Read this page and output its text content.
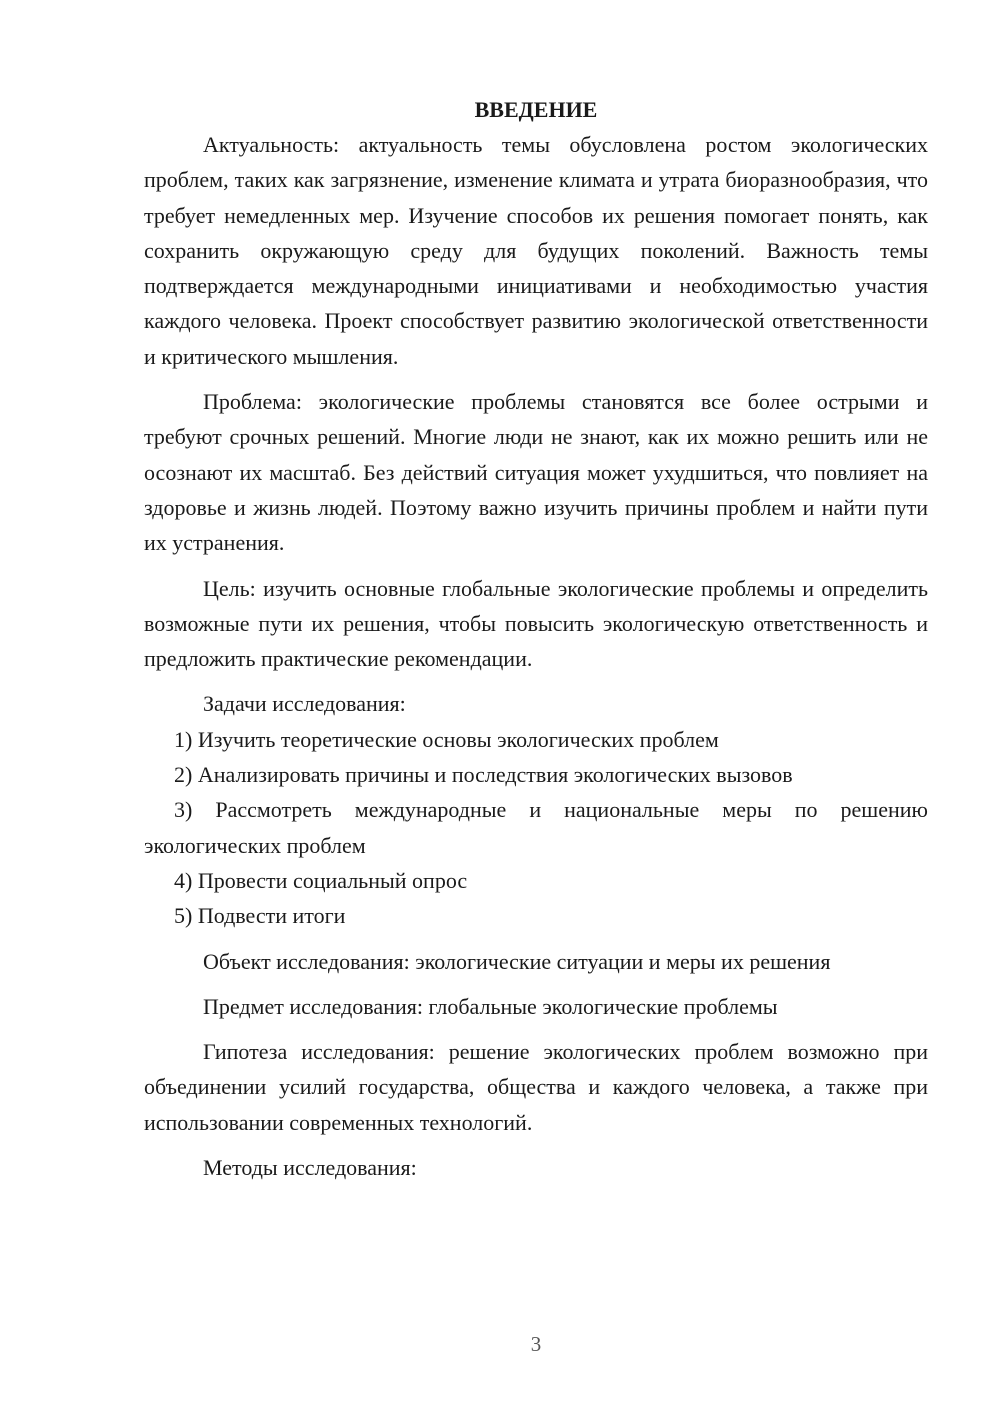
ВВЕДЕНИЕ

Актуальность: актуальность темы обусловлена ростом экологических проблем, таких как загрязнение, изменение климата и утрата биоразнообразия, что требует немедленных мер. Изучение способов их решения помогает понять, как сохранить окружающую среду для будущих поколений. Важность темы подтверждается международными инициативами и необходимостью участия каждого человека. Проект способствует развитию экологической ответственности и критического мышления.

Проблема: экологические проблемы становятся все более острыми и требуют срочных решений. Многие люди не знают, как их можно решить или не осознают их масштаб. Без действий ситуация может ухудшиться, что повлияет на здоровье и жизнь людей. Поэтому важно изучить причины проблем и найти пути их устранения.

Цель: изучить основные глобальные экологические проблемы и определить возможные пути их решения, чтобы повысить экологическую ответственность и предложить практические рекомендации.

Задачи исследования:

1) Изучить теоретические основы экологических проблем

2) Анализировать причины и последствия экологических вызовов

3) Рассмотреть международные и национальные меры по решению экологических проблем

4) Провести социальный опрос

5) Подвести итоги

Объект исследования: экологические ситуации и меры их решения

Предмет исследования: глобальные экологические проблемы

Гипотеза исследования: решение экологических проблем возможно при объединении усилий государства, общества и каждого человека, а также при использовании современных технологий.

Методы исследования:

3
